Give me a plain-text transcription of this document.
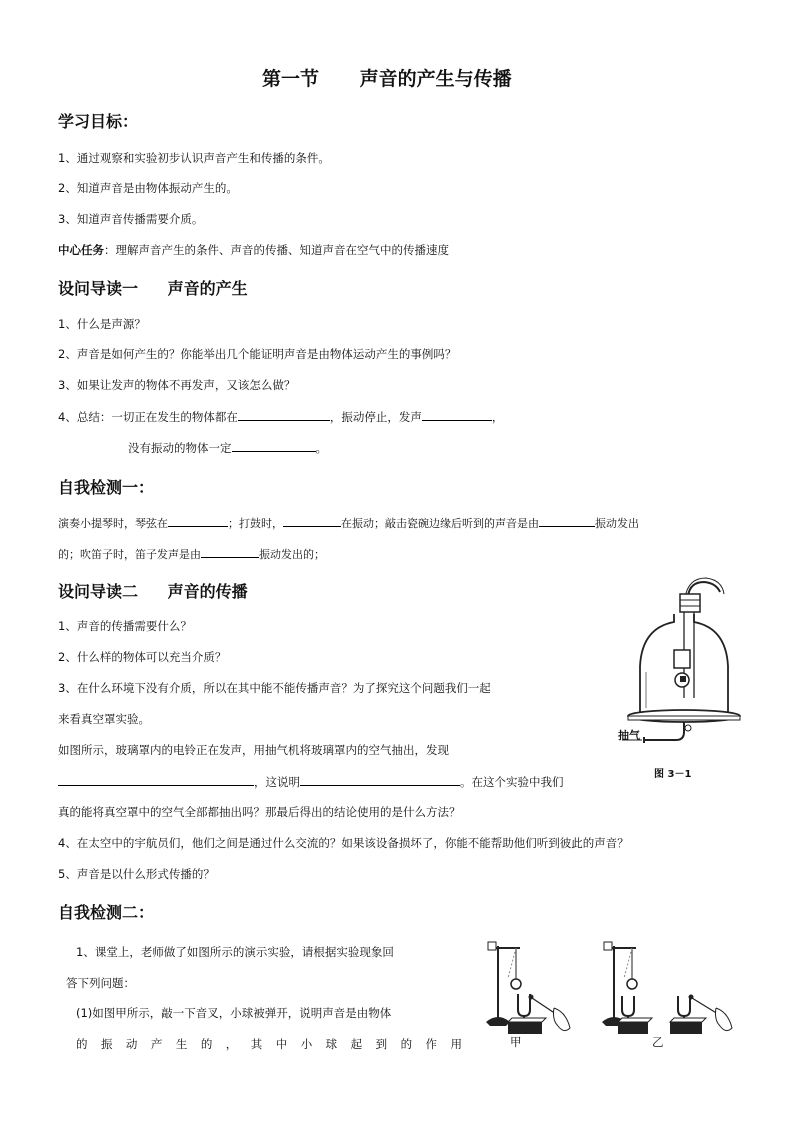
第一节 声音的产生与传播
学习目标：
1、通过观察和实验初步认识声音产生和传播的条件。
2、知道声音是由物体振动产生的。
3、知道声音传播需要介质。
中心任务：理解声音产生的条件、声音的传播、知道声音在空气中的传播速度
设问导读一 声音的产生
1、什么是声源？
2、声音是如何产生的？你能举出几个能证明声音是由物体运动产生的事例吗？
3、如果让发声的物体不再发声，又该怎么做？
4、总结：一切正在发生的物体都在	，振动停止，发声	，
没有振动的物体一定	。
自我检测一：
演奏小提琴时，琴弦在	；打鼓时，	在振动；敲击瓷碗边缘后听到的声音是由	振动发出
的；吹笛子时，笛子发声是由	振动发出的；
设问导读二 声音的传播
1、声音的传播需要什么？
2、什么样的物体可以充当介质？
3、在什么环境下没有介质，所以在其中能不能传播声音？为了探究这个问题我们一起
来看真空罩实验。
如图所示，玻璃罩内的电铃正在发声，用抽气机将玻璃罩内的空气抽出，发现
，这说明	。在这个实验中我们
真的能将真空罩中的空气全部都抽出吗？那最后得出的结论使用的是什么方法？
4、在太空中的宇航员们，他们之间是通过什么交流的？如果该设备损坏了，你能不能帮助他们听到彼此的声音？
5、声音是以什么形式传播的？
抽气
图 3－1
自我检测二：
1、课堂上，老师做了如图所示的演示实验，请根据实验现象回
答下列问题：
(1)如图甲所示，敲一下音叉，小球被弹开，说明声音是由物体
的振动产生的，其中小球起到的作用	甲	乙
